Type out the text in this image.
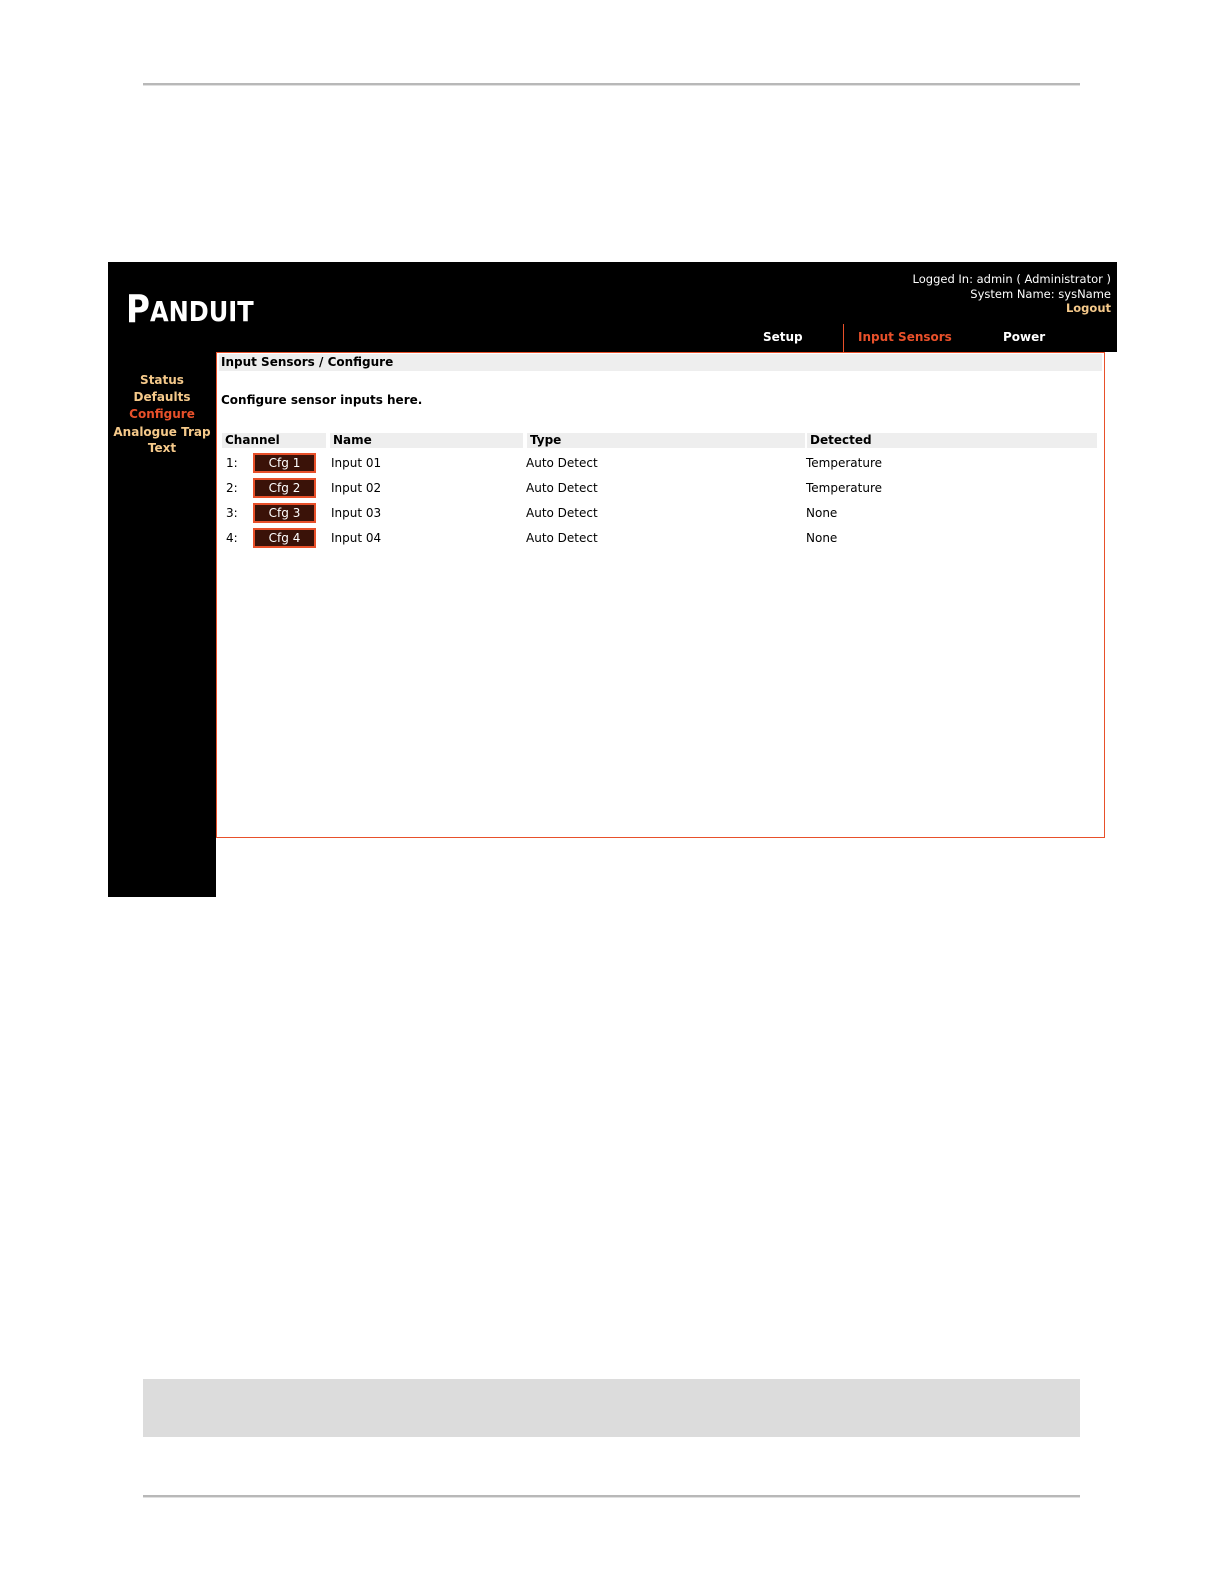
P ANDUIT
Logged In: admin ( Administrator )
System Name: sysName
Logout
Setup	Input Sensors	Power
Status
Defaults
Configure
Analogue Trap
Text
Input Sensors / Configure
Configure sensor inputs here.
Channel	Name	Type	Detected
1:	Cfg 1	Input 01	Auto Detect	Temperature
2:	Cfg 2	Input 02	Auto Detect	Temperature
3:	Cfg 3	Input 03	Auto Detect	None
4:	Cfg 4	Input 04	Auto Detect	None
